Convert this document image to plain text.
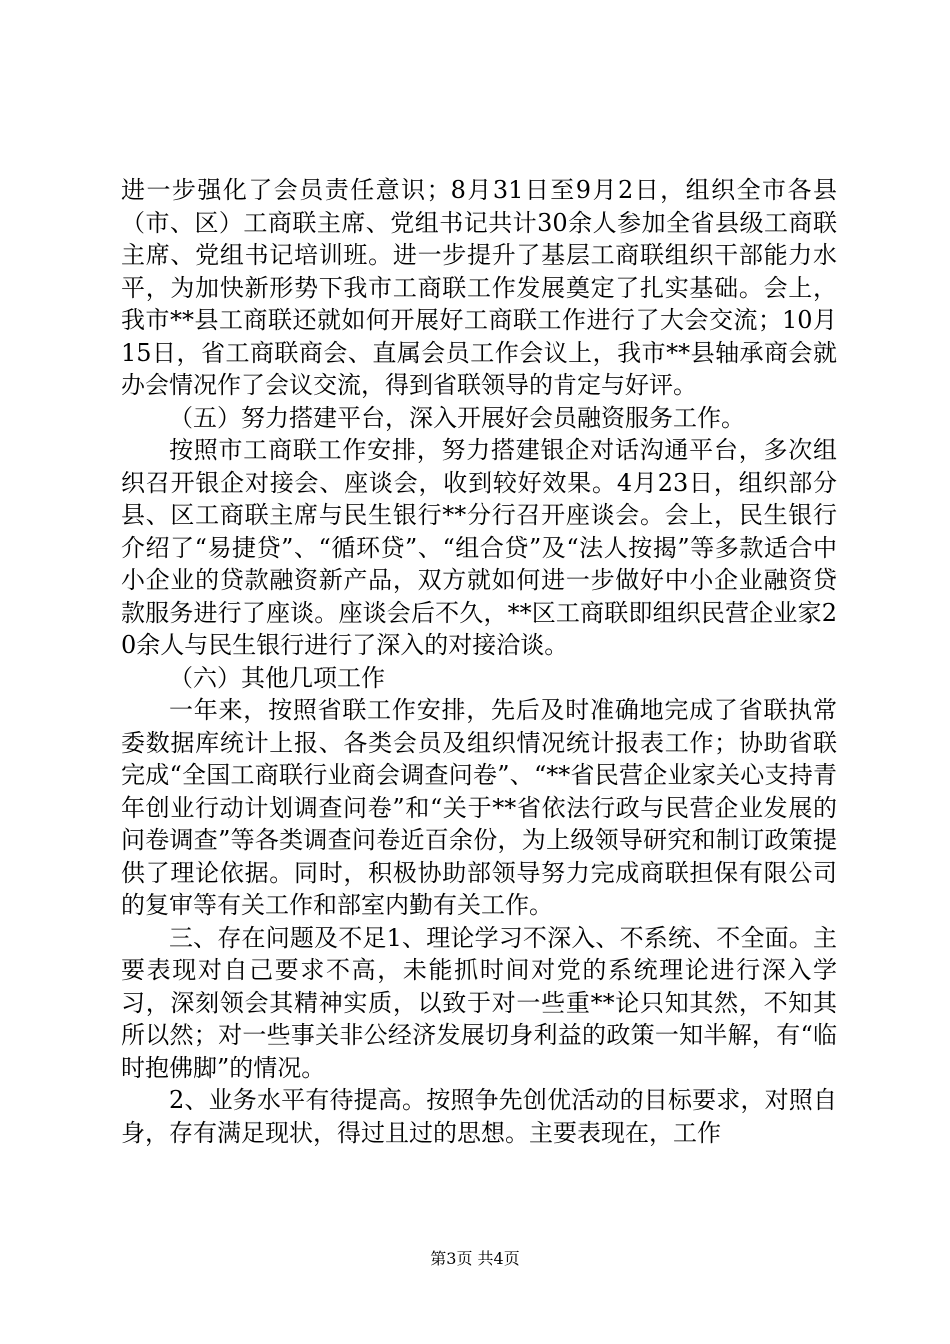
进一步强化了会员责任意识；8月31日至9月2日，组织全市各县（市、区）工商联主席、党组书记共计30余人参加全省县级工商联主席、党组书记培训班。进一步提升了基层工商联组织干部能力水平，为加快新形势下我市工商联工作发展奠定了扎实基础。会上，我市**县工商联还就如何开展好工商联工作进行了大会交流；10月15日，省工商联商会、直属会员工作会议上，我市**县轴承商会就办会情况作了会议交流，得到省联领导的肯定与好评。

（五）努力搭建平台，深入开展好会员融资服务工作。

按照市工商联工作安排，努力搭建银企对话沟通平台，多次组织召开银企对接会、座谈会，收到较好效果。4月23日，组织部分县、区工商联主席与民生银行**分行召开座谈会。会上，民生银行介绍了“易捷贷”、“循环贷”、“组合贷”及“法人按揭”等多款适合中小企业的贷款融资新产品，双方就如何进一步做好中小企业融资贷款服务进行了座谈。座谈会后不久，**区工商联即组织民营企业家20余人与民生银行进行了深入的对接洽谈。

（六）其他几项工作

一年来，按照省联工作安排，先后及时准确地完成了省联执常委数据库统计上报、各类会员及组织情况统计报表工作；协助省联完成“全国工商联行业商会调查问卷”、“**省民营企业家关心支持青年创业行动计划调查问卷”和“关于**省依法行政与民营企业发展的问卷调查”等各类调查问卷近百余份，为上级领导研究和制订政策提供了理论依据。同时，积极协助部领导努力完成商联担保有限公司的复审等有关工作和部室内勤有关工作。

三、存在问题及不足1、理论学习不深入、不系统、不全面。主要表现对自己要求不高，未能抓时间对党的系统理论进行深入学习，深刻领会其精神实质，以致于对一些重**论只知其然，不知其所以然；对一些事关非公经济发展切身利益的政策一知半解，有“临时抱佛脚”的情况。

2、业务水平有待提高。按照争先创优活动的目标要求，对照自身，存有满足现状，得过且过的思想。主要表现在，工作

第3页 共4页
